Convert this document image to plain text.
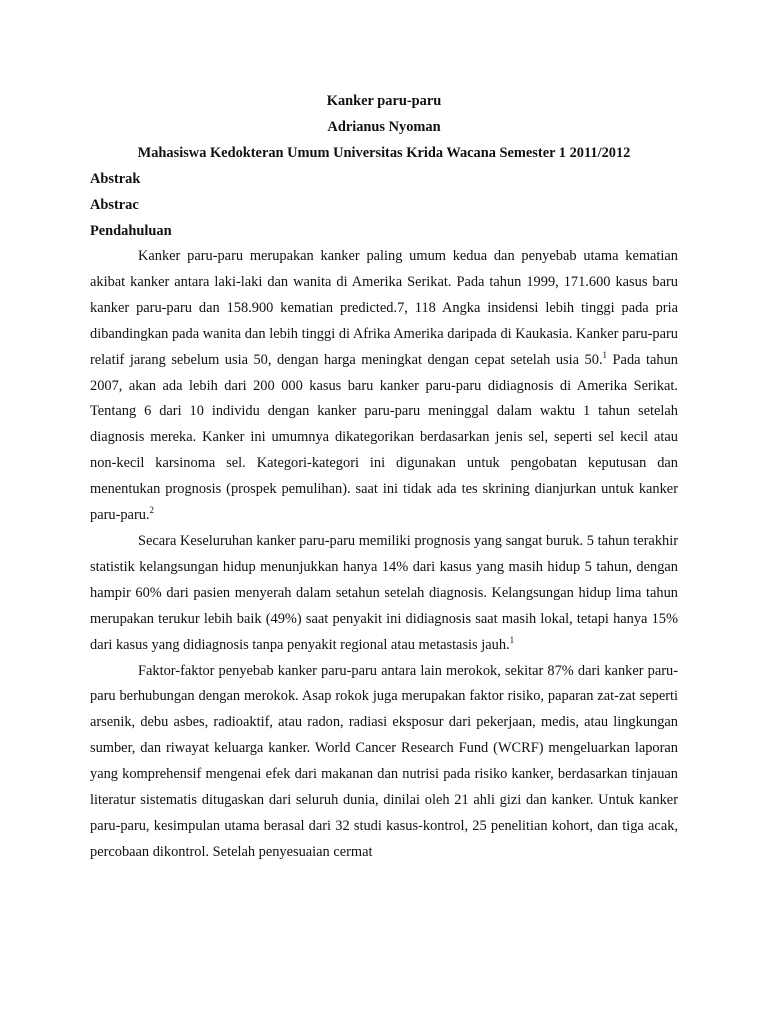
Kanker paru-paru
Adrianus Nyoman
Mahasiswa Kedokteran Umum Universitas Krida Wacana Semester 1 2011/2012

Abstrak

Abstrac

Pendahuluan

Kanker paru-paru merupakan kanker paling umum kedua dan penyebab utama kematian akibat kanker antara laki-laki dan wanita di Amerika Serikat. Pada tahun 1999, 171.600 kasus baru kanker paru-paru dan 158.900 kematian predicted.7, 118 Angka insidensi lebih tinggi pada pria dibandingkan pada wanita dan lebih tinggi di Afrika Amerika daripada di Kaukasia. Kanker paru-paru relatif jarang sebelum usia 50, dengan harga meningkat dengan cepat setelah usia 50.$^1$ Pada tahun 2007, akan ada lebih dari 200 000 kasus baru kanker paru-paru didiagnosis di Amerika Serikat. Tentang 6 dari 10 individu dengan kanker paru-paru meninggal dalam waktu 1 tahun setelah diagnosis mereka. Kanker ini umumnya dikategorikan berdasarkan jenis sel, seperti sel kecil atau non-kecil karsinoma sel. Kategori-kategori ini digunakan untuk pengobatan keputusan dan menentukan prognosis (prospek pemulihan). saat ini tidak ada tes skrining dianjurkan untuk kanker paru-paru.$^2$

Secara Keseluruhan kanker paru-paru memiliki prognosis yang sangat buruk. 5 tahun terakhir statistik kelangsungan hidup menunjukkan hanya 14% dari kasus yang masih hidup 5 tahun, dengan hampir 60% dari pasien menyerah dalam setahun setelah diagnosis. Kelangsungan hidup lima tahun merupakan terukur lebih baik (49%) saat penyakit ini didiagnosis saat masih lokal, tetapi hanya 15% dari kasus yang didiagnosis tanpa penyakit regional atau metastasis jauh.$^1$

Faktor-faktor penyebab kanker paru-paru antara lain merokok, sekitar 87% dari kanker paru-paru berhubungan dengan merokok. Asap rokok juga merupakan faktor risiko, paparan zat-zat seperti arsenik, debu asbes, radioaktif, atau radon, radiasi eksposur dari pekerjaan, medis, atau lingkungan sumber, dan riwayat keluarga kanker. World Cancer Research Fund (WCRF) mengeluarkan laporan yang komprehensif mengenai efek dari makanan dan nutrisi pada risiko kanker, berdasarkan tinjauan literatur sistematis ditugaskan dari seluruh dunia, dinilai oleh 21 ahli gizi dan kanker. Untuk kanker paru-paru, kesimpulan utama berasal dari 32 studi kasus-kontrol, 25 penelitian kohort, dan tiga acak, percobaan dikontrol. Setelah penyesuaian cermat
